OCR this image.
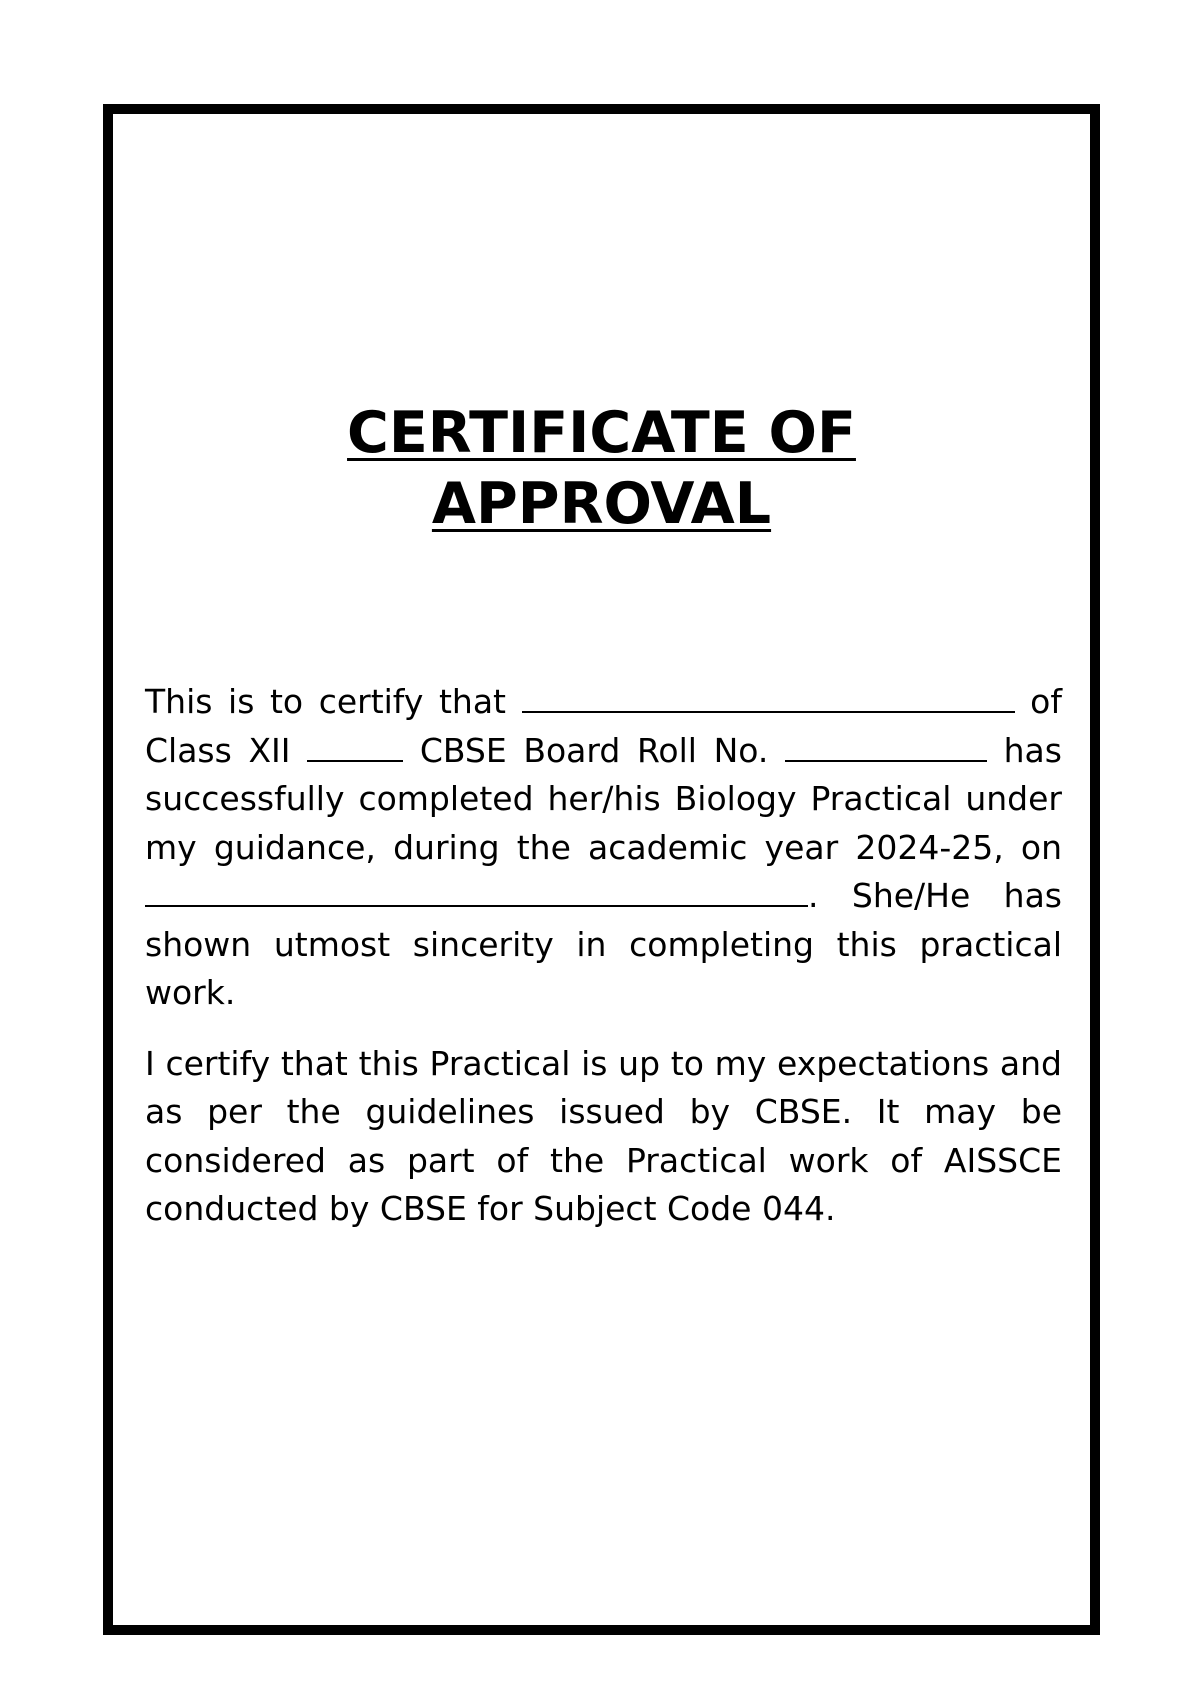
CERTIFICATE OF
APPROVAL

This is to certify that	of Class XII	CBSE Board Roll No.	has successfully completed her/his Biology Practical under my guidance, during the academic year 2024-25, on. She/He has shown utmost sincerity in completing this practical work.

I certify that this Practical is up to my expectations and as per the guidelines issued by CBSE. It may be considered as part of the Practical work of AISSCE conducted by CBSE for Subject Code 044.
